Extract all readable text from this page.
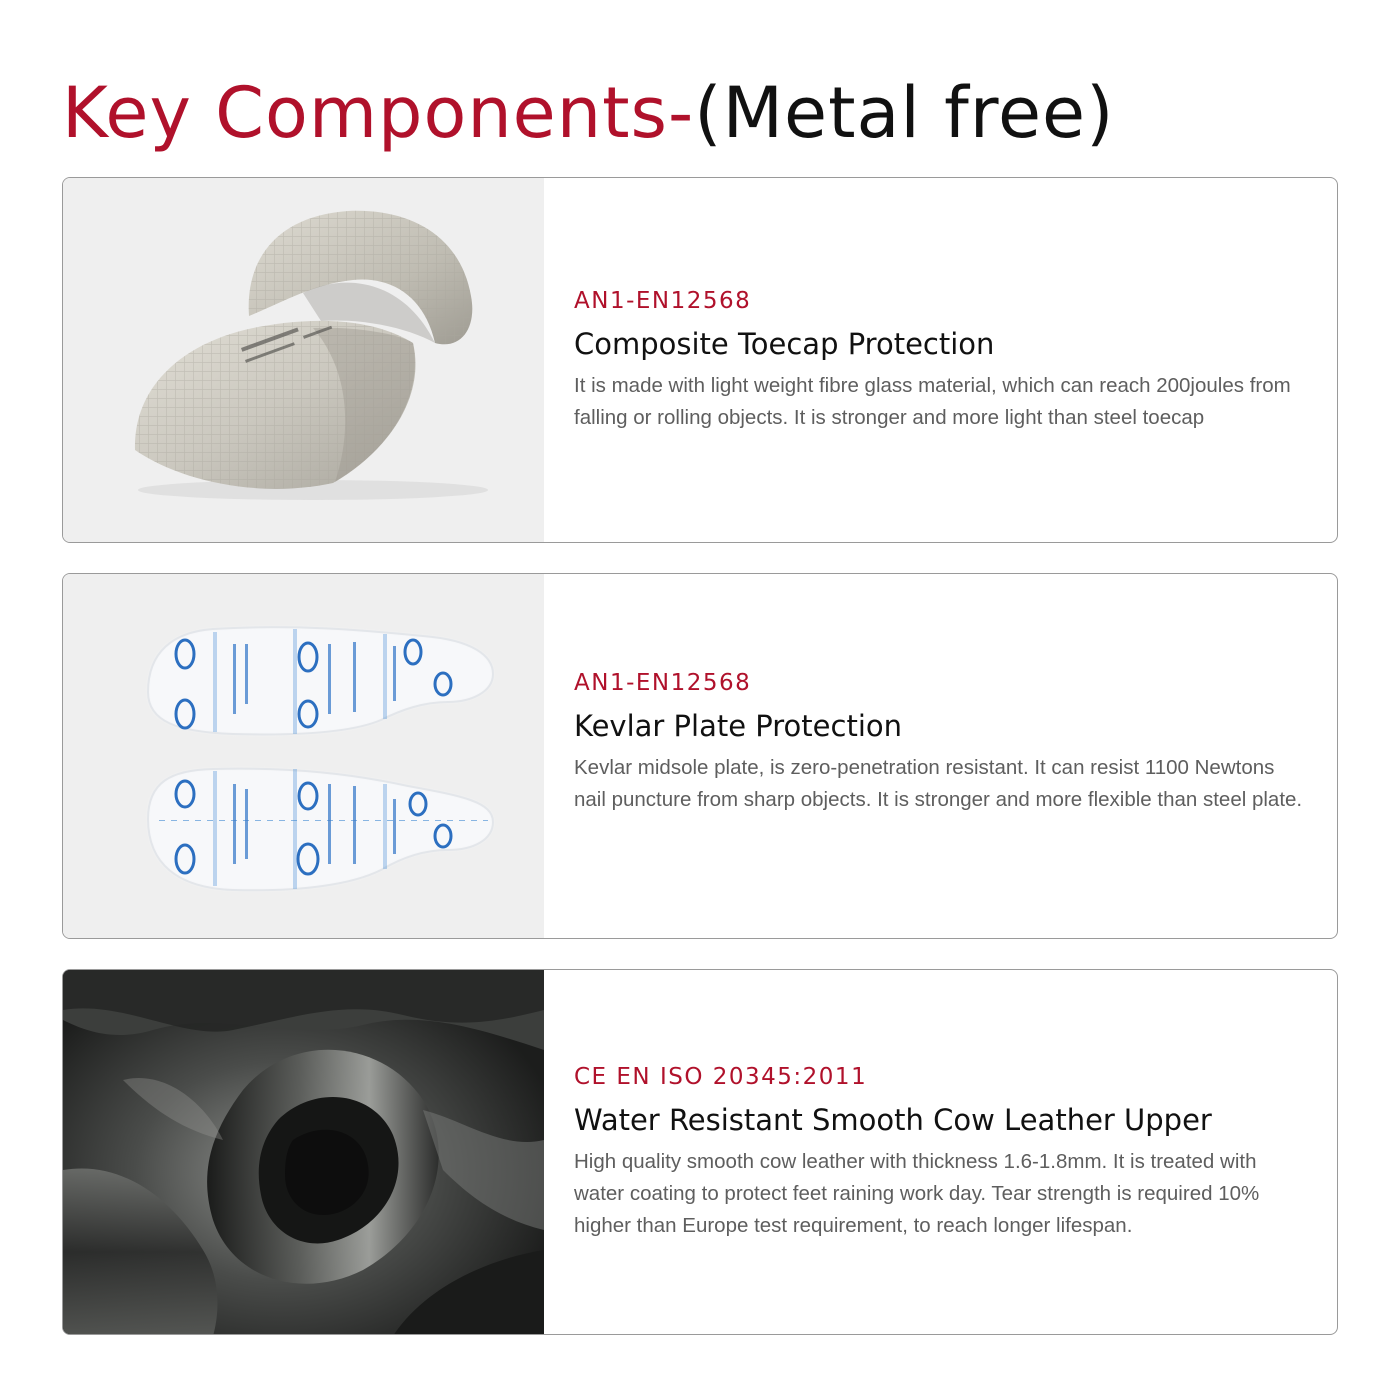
Key Components-(Metal free)

AN1-EN12568

Composite Toecap Protection

It is made with light weight fibre glass material, which can reach 200joules from falling or rolling objects. It is stronger and more light than steel toecap

AN1-EN12568

Kevlar Plate Protection

Kevlar midsole plate, is zero-penetration resistant. It can resist 1100 Newtons nail puncture from sharp objects. It is stronger and more flexible than steel plate.

CE EN ISO 20345:2011

Water Resistant Smooth Cow Leather Upper

High quality smooth cow leather with thickness 1.6-1.8mm. It is treated with water coating to protect feet raining work day. Tear strength is required 10% higher than Europe test requirement, to reach longer lifespan.
